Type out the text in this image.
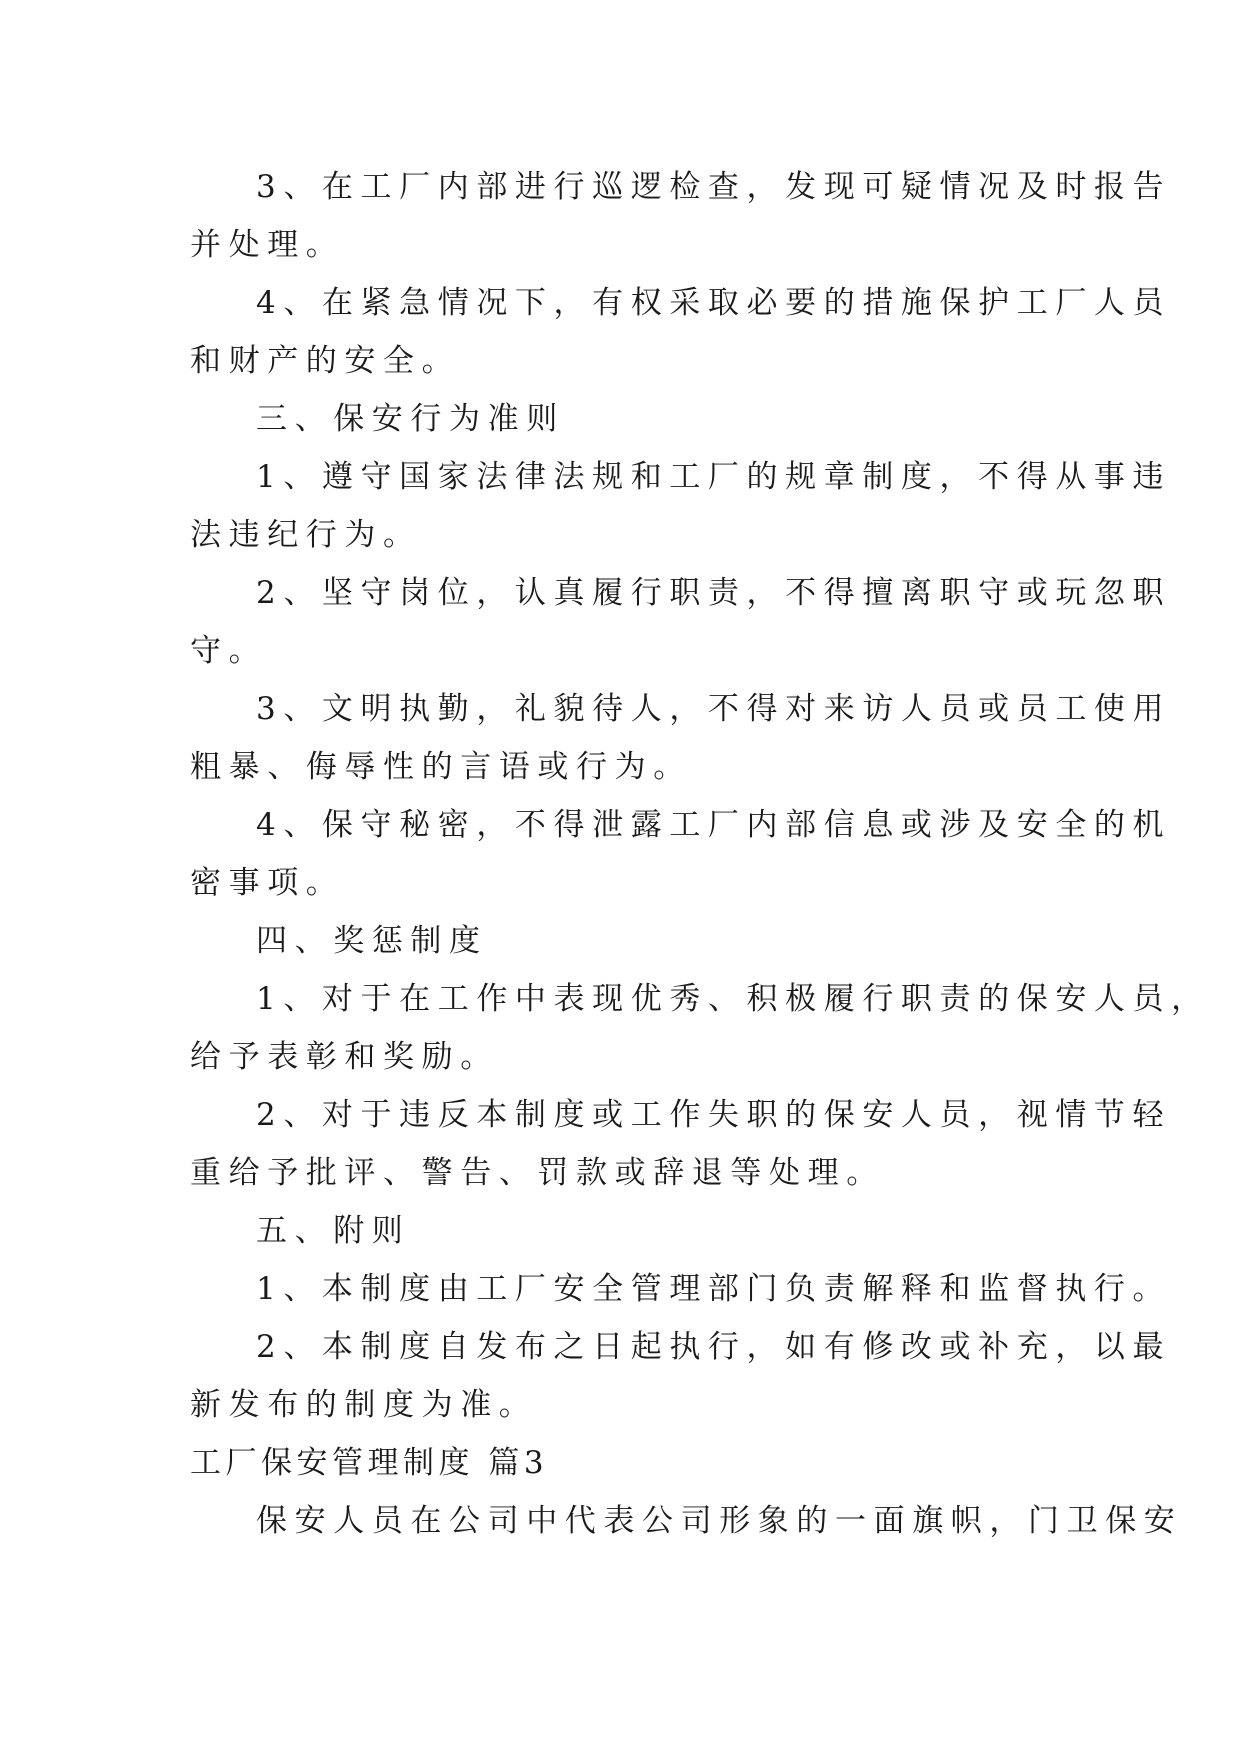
3、在工厂内部进行巡逻检查，发现可疑情况及时报告
并处理。
4、在紧急情况下，有权采取必要的措施保护工厂人员
和财产的安全。
三、保安行为准则
1、遵守国家法律法规和工厂的规章制度，不得从事违
法违纪行为。
2、坚守岗位，认真履行职责，不得擅离职守或玩忽职
守。
3、文明执勤，礼貌待人，不得对来访人员或员工使用
粗暴、侮辱性的言语或行为。
4、保守秘密，不得泄露工厂内部信息或涉及安全的机
密事项。
四、奖惩制度
1、对于在工作中表现优秀、积极履行职责的保安人员，
给予表彰和奖励。
2、对于违反本制度或工作失职的保安人员，视情节轻
重给予批评、警告、罚款或辞退等处理。
五、附则
1、本制度由工厂安全管理部门负责解释和监督执行。
2、本制度自发布之日起执行，如有修改或补充，以最
新发布的制度为准。
工厂保安管理制度 篇3
保安人员在公司中代表公司形象的一面旗帜，门卫保安
